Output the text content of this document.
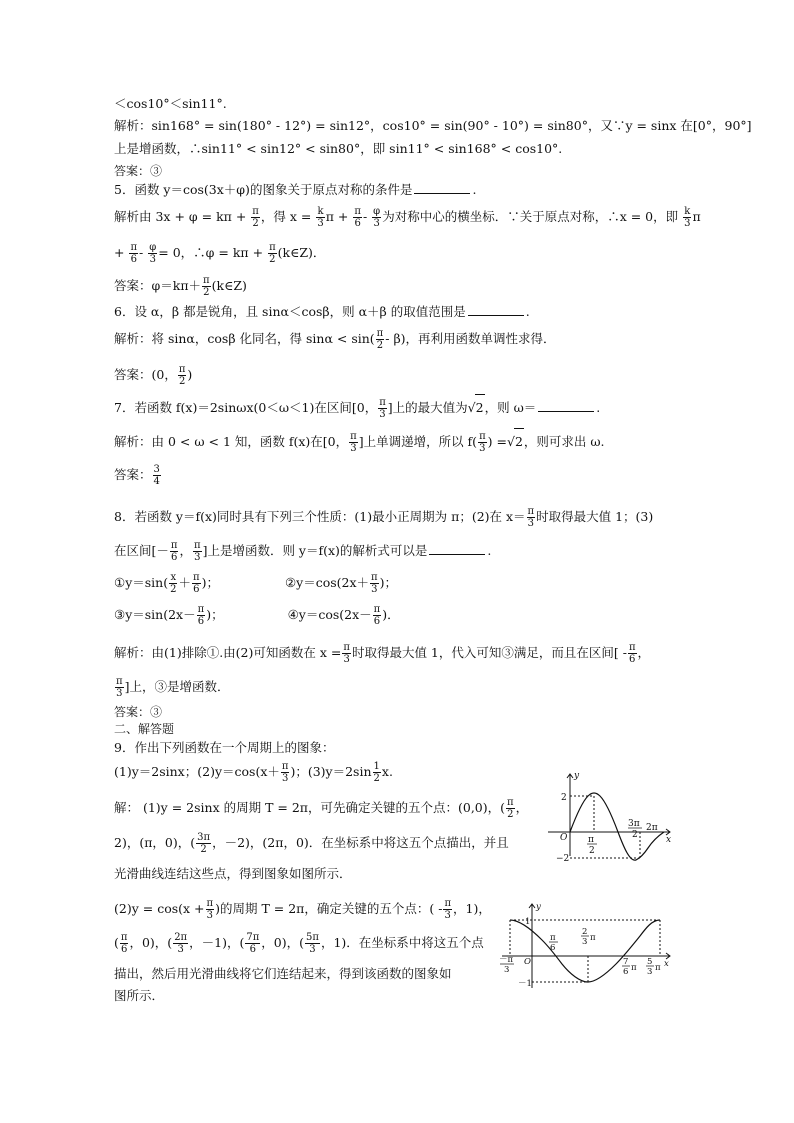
＜cos10°＜sin11°.
解析：sin168° = sin(180° - 12°) = sin12°，cos10° = sin(90° - 10°) = sin80°，又∵y = sinx 在[0°，90°]
上是增函数，∴sin11° < sin12° < sin80°，即 sin11° < sin168° < cos10°.
答案：③
5．函数 y＝cos(3x＋φ)的图象关于原点对称的条件是	.
解析由 $3x + \varphi = k\pi + \frac{\pi}{2}$ ，得 $x = \frac{k}{3}$ $\pi + \frac{\pi}{6} - \frac{\varphi}{3}$ 为对称中心的横坐标．∵关于原点对称，∴x = 0，即 $\frac{k}{3}$ π
+ $\frac{\pi}{6} - \frac{\varphi}{3} = 0$，∴φ = $k\pi + \frac{\pi}{2}$ (k∈Z)．
答案：$\varphi=k\pi+ \frac{\pi}{2}$ (k∈Z)
6．设 α，β 都是锐角，且 sinα＜cosβ，则 α＋β 的取值范围是	.
解析：将 sinα，cosβ 化同名，得 $\sin\alpha < \sin( \frac{\pi}{2} - \beta)$，再利用函数单调性求得．
答案：(0， $\frac{\pi}{2}$ )
7．若函数 f(x)＝2sinωx(0＜ω＜1)在区间[0， $\frac{\pi}{3}$ ]上的最大值为√2，则 ω＝	.
解析：由 0 < ω < 1 知，函数 f(x)在[0， $\frac{\pi}{3}$ ]上单调递增，所以 $f( \frac{\pi}{3}$ ) =√2，则可求出 ω.
答案： $\frac{3}{4}$
8．若函数 y＝f(x)同时具有下列三个性质：(1)最小正周期为 π；(2)在 $x= \frac{\pi}{3}$ 时取得最大值 1；(3)
在区间[－ $\frac{\pi}{6}$ ， $\frac{\pi}{3}$ ]上是增函数．则 y＝f(x)的解析式可以是	.
①y＝sin( $\frac{x}{2} + \frac{\pi}{6}$ )；	②y＝cos(2x＋ $\frac{\pi}{3}$ )；
③y＝sin(2x－ $\frac{\pi}{6}$ )；	④y＝cos(2x－ $\frac{\pi}{6}$ )．
解析：由(1)排除①.由(2)可知函数在 $x = \frac{\pi}{3}$ 时取得最大值 1，代入可知③满足，而且在区间[ - $\frac{\pi}{6}$ ，
$\frac{\pi}{3}$ ]上，③是增函数．
答案：③
二、解答题
9．作出下列函数在一个周期上的图象：
(1)y＝2sinx；$(2)y=\cos(x+ \frac{\pi}{3}$ )；$(3)y=2\sin \frac{1}{2} x$.
解： (1)y = 2sinx 的周期 T = 2π，可先确定关键的五个点：(0,0)，( $\frac{\pi}{2}$ ，
2)，(π，0)，( $\frac{3\pi}{2}$ ，－2)，(2π，0)．在坐标系中将这五个点描出，并且
光滑曲线连结这些点，得到图象如图所示．
$(2)y = \cos(x + \frac{\pi}{3}$ )的周期 T = 2π，确定关键的五个点：( - $\frac{\pi}{3}$ ，1)，
( $\frac{\pi}{6}$ ，0)，( $\frac{2\pi}{3}$ ，－1)，( $\frac{7\pi}{6}$ ，0)，( $\frac{5\pi}{3}$ ，1)．在坐标系中将这五个点
描出，然后用光滑曲线将它们连结起来，得到该函数的图象如
图所示．
y
x
O
2
−2
π
2
3π
2
2π
y
x
O
1
－1
－π
3
π
6
2
3 π
7
6 π
5
3 π
